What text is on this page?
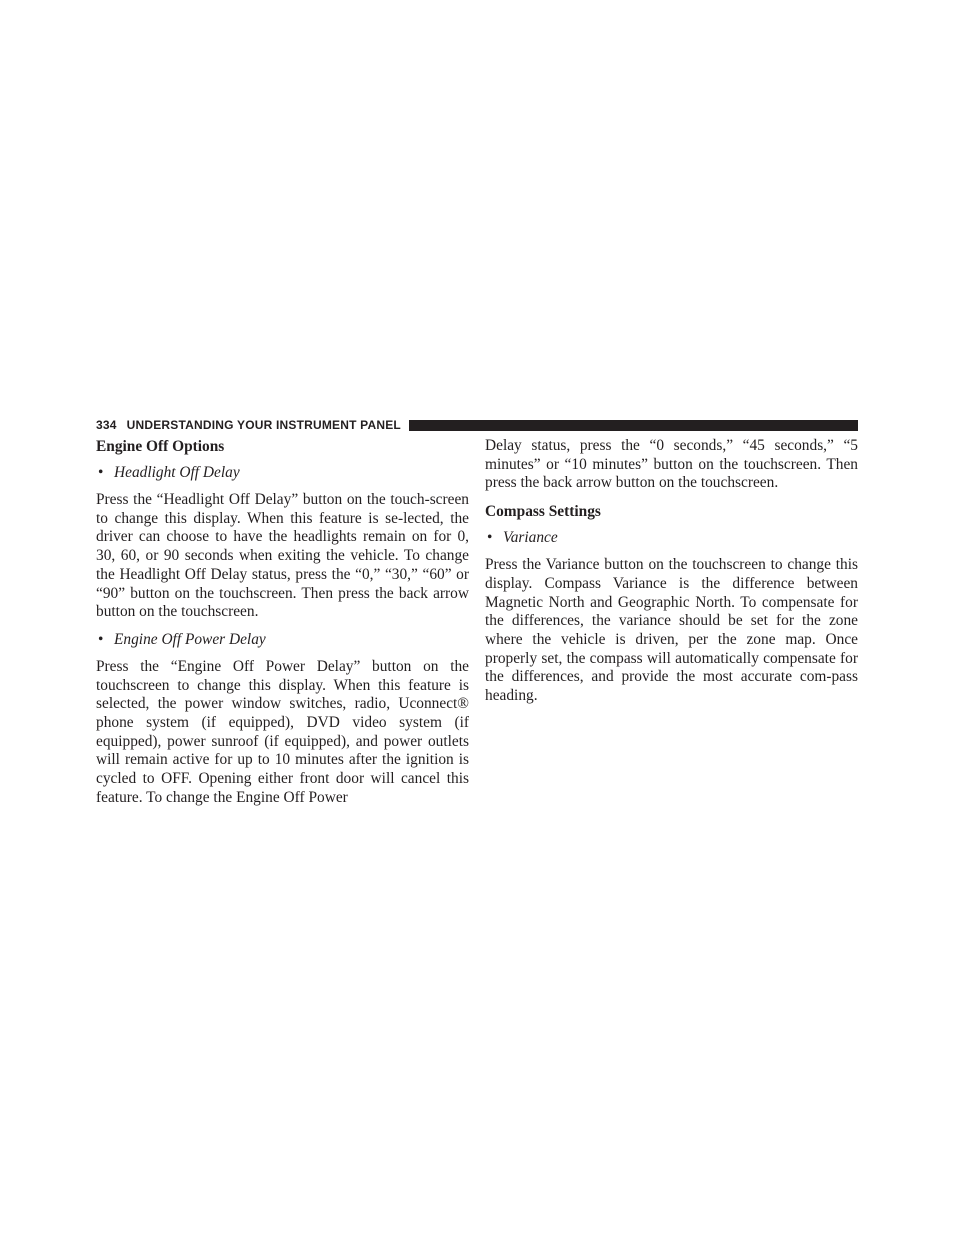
334 UNDERSTANDING YOUR INSTRUMENT PANEL
Engine Off Options
• Headlight Off Delay

Press the “Headlight Off Delay” button on the touch-screen to change this display. When this feature is se-lected, the driver can choose to have the headlights remain on for 0, 30, 60, or 90 seconds when exiting the vehicle. To change the Headlight Off Delay status, press the “0,” “30,” “60” or “90” button on the touchscreen. Then press the back arrow button on the touchscreen.

• Engine Off Power Delay

Press the “Engine Off Power Delay” button on the touchscreen to change this display. When this feature is selected, the power window switches, radio, Uconnect® phone system (if equipped), DVD video system (if equipped), power sunroof (if equipped), and power outlets will remain active for up to 10 minutes after the ignition is cycled to OFF. Opening either front door will cancel this feature. To change the Engine Off Power

Delay status, press the “0 seconds,” “45 seconds,” “5 minutes” or “10 minutes” button on the touchscreen. Then press the back arrow button on the touchscreen.

Compass Settings
• Variance

Press the Variance button on the touchscreen to change this display. Compass Variance is the difference between Magnetic North and Geographic North. To compensate for the differences, the variance should be set for the zone where the vehicle is driven, per the zone map. Once properly set, the compass will automatically compensate for the differences, and provide the most accurate com-pass heading.
